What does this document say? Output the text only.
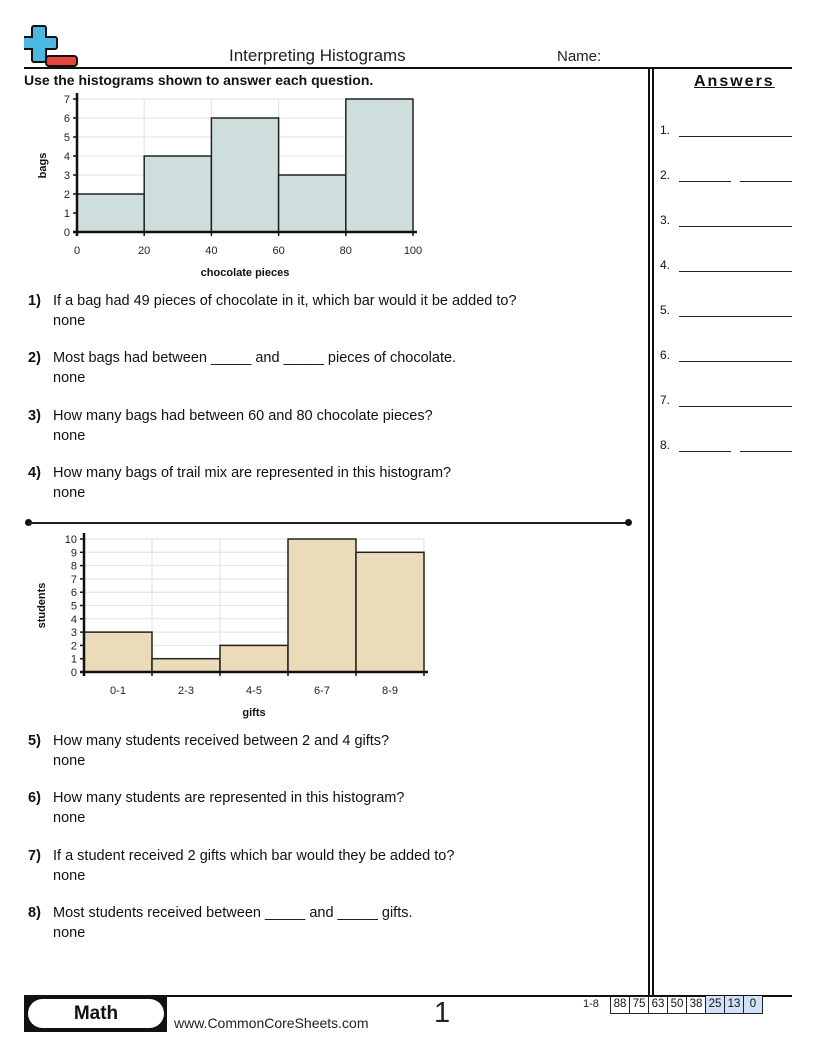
Interpreting Histograms	Name:
Use the histograms shown to answer each question.	Answers
1.
2.
3.
4.
5.
6.
7.
8.
0
1
2
3
4
5
6
7
0	20	40	60	80	100
chocolate pieces
bags
1) If a bag had 49 pieces of chocolate in it, which bar would it be added to?
none
2) Most bags had between _____ and _____ pieces of chocolate.
none
3) How many bags had between 60 and 80 chocolate pieces?
none
4) How many bags of trail mix are represented in this histogram?
none
0
1
2
3
4
5
6
7
8
9
10
0-1	2-3	4-5	6-7	8-9
gifts
students
5) How many students received between 2 and 4 gifts?
none
6) How many students are represented in this histogram?
none
7) If a student received 2 gifts which bar would they be added to?
none
8) Most students received between _____ and _____ gifts.
none
Math	www.CommonCoreSheets.com 1	1-8 88 75 63 50 38 25 13 0
